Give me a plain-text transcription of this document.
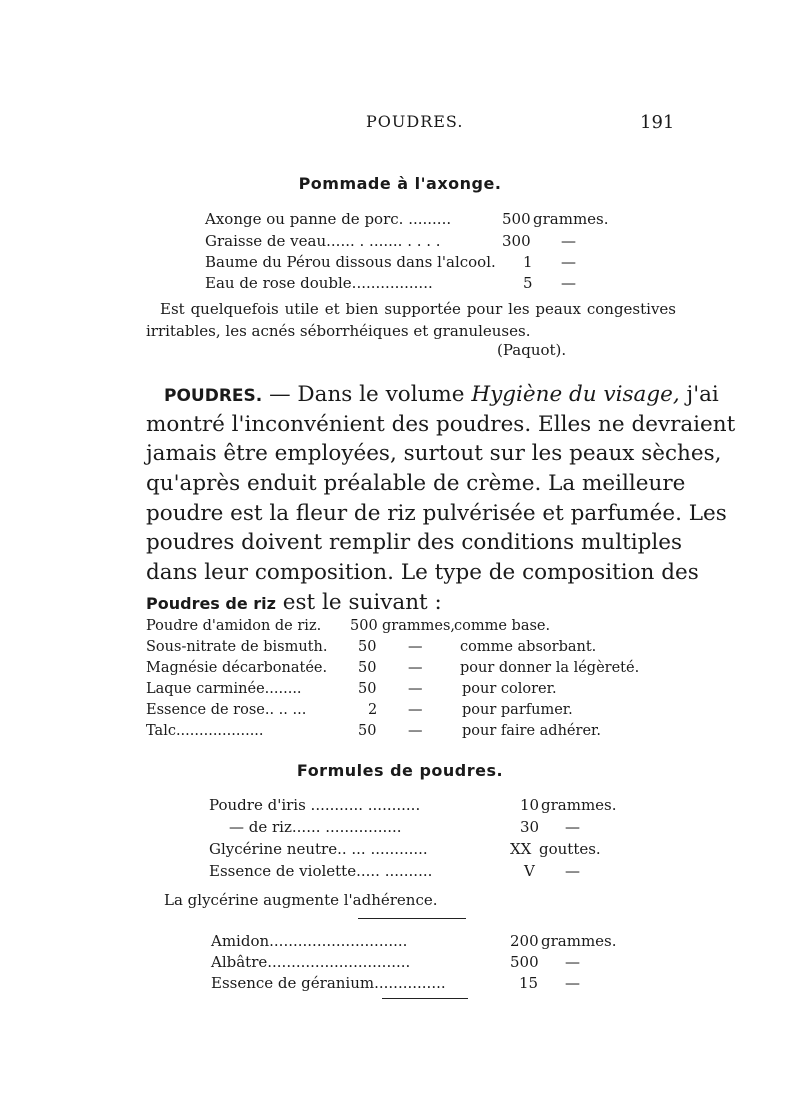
POUDRES.	191
Pommade à l'axonge.
Axonge ou panne de porc. .........	500 grammes.
Graisse de veau...... . ....... . . . .	300 —
Baume du Pérou dissous dans l'alcool. 1 —
Eau de rose double.................	5 —
Est quelquefois utile et bien supportée pour les peaux congestives irritables, les acnés séborrhéiques et granuleuses.
(Paquot).
POUDRES. — Dans le volume Hygiène du visage, j'ai
montré l'inconvénient des poudres. Elles ne devraient
jamais être employées, surtout sur les peaux sèches,
qu'après enduit préalable de crème. La meilleure
poudre est la fleur de riz pulvérisée et parfumée. Les
poudres doivent remplir des conditions multiples
dans leur composition. Le type de composition des
Poudres de riz est le suivant :
Poudre d'amidon de riz. 500 grammes, comme base.
Sous-nitrate de bismuth. 50 —	comme absorbant.
Magnésie décarbonatée. 50 —	pour donner la légèreté.
Laque carminée........	50 —	pour colorer.
Essence de rose.. .. ...	2 —	pour parfumer.
Talc...................	50 —	pour faire adhérer.
Formules de poudres.
Poudre d'iris ........... ...........	10 grammes.
— de riz...... ................	30 —
Glycérine neutre.. ... ............	XX gouttes.
Essence de violette..... ..........	V —
La glycérine augmente l'adhérence.
Amidon.............................	200 grammes.
Albâtre..............................	500 —
Essence de géranium...............	15 —
